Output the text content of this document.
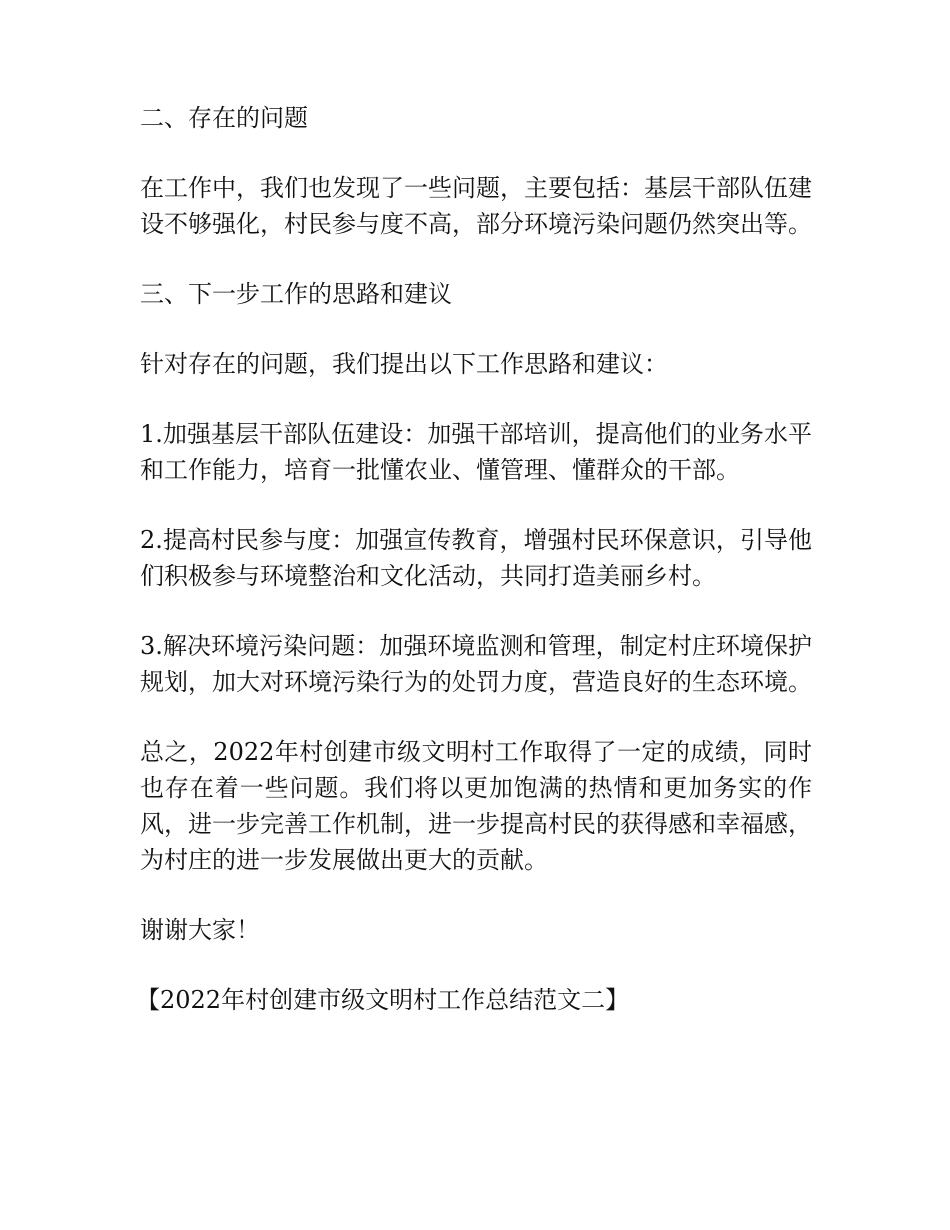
二、存在的问题

在工作中，我们也发现了一些问题，主要包括：基层干部队伍建设不够强化，村民参与度不高，部分环境污染问题仍然突出等。

三、下一步工作的思路和建议

针对存在的问题，我们提出以下工作思路和建议：

1.加强基层干部队伍建设：加强干部培训，提高他们的业务水平和工作能力，培育一批懂农业、懂管理、懂群众的干部。

2.提高村民参与度：加强宣传教育，增强村民环保意识，引导他们积极参与环境整治和文化活动，共同打造美丽乡村。

3.解决环境污染问题：加强环境监测和管理，制定村庄环境保护规划，加大对环境污染行为的处罚力度，营造良好的生态环境。

总之，2022年村创建市级文明村工作取得了一定的成绩，同时也存在着一些问题。我们将以更加饱满的热情和更加务实的作风，进一步完善工作机制，进一步提高村民的获得感和幸福感，为村庄的进一步发展做出更大的贡献。

谢谢大家！

【2022年村创建市级文明村工作总结范文二】
